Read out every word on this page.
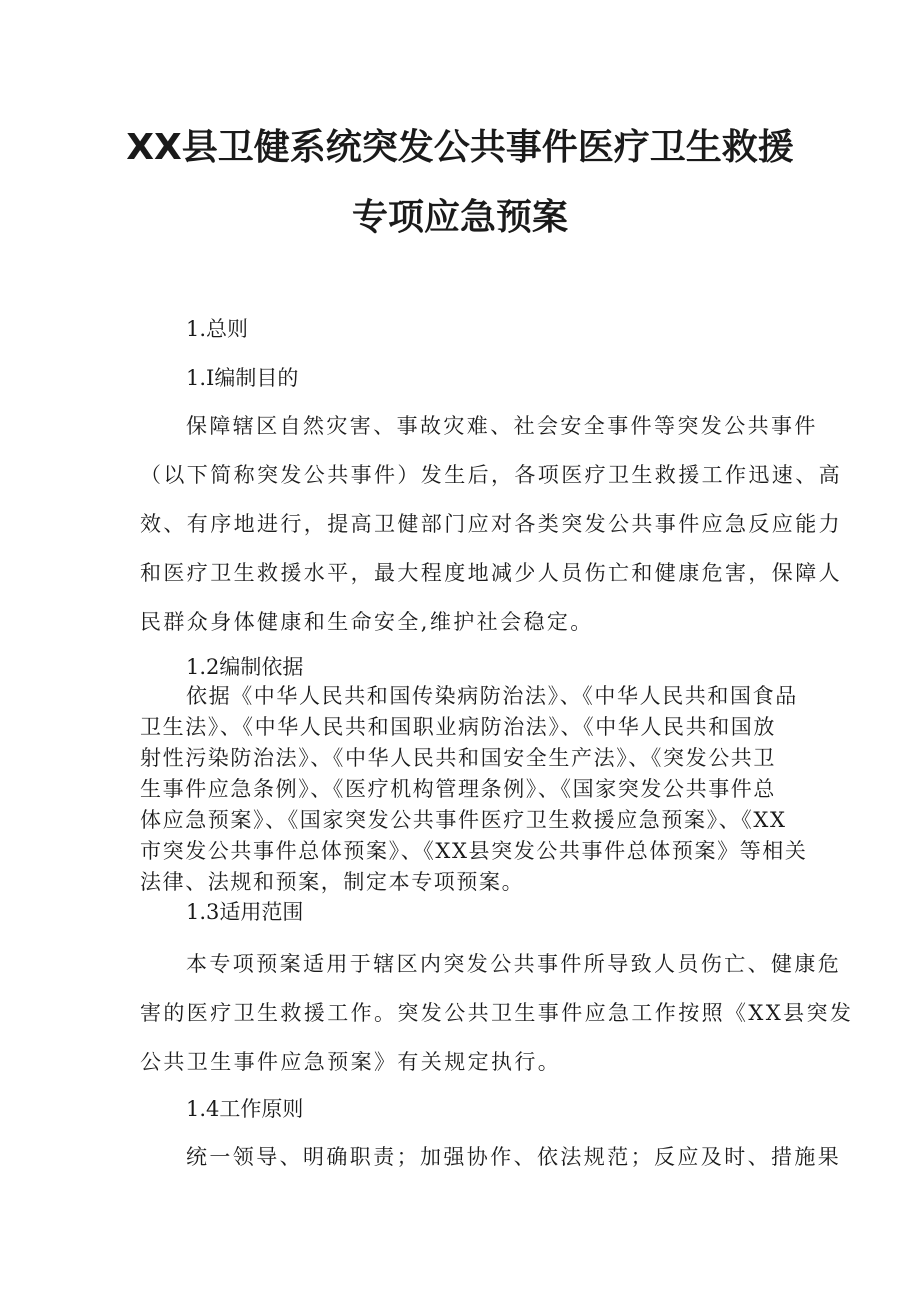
XX县卫健系统突发公共事件医疗卫生救援
专项应急预案
1.总则
1.I编制目的
保障辖区自然灾害、事故灾难、社会安全事件等突发公共事件
（以下简称突发公共事件）发生后，各项医疗卫生救援工作迅速、高
效、有序地进行，提高卫健部门应对各类突发公共事件应急反应能力
和医疗卫生救援水平，最大程度地减少人员伤亡和健康危害，保障人
民群众身体健康和生命安全,维护社会稳定。
1.2编制依据
依据《中华人民共和国传染病防治法》、《中华人民共和国食品
卫生法》、《中华人民共和国职业病防治法》、《中华人民共和国放
射性污染防治法》、《中华人民共和国安全生产法》、《突发公共卫
生事件应急条例》、《医疗机构管理条例》、《国家突发公共事件总
体应急预案》、《国家突发公共事件医疗卫生救援应急预案》、《XX
市突发公共事件总体预案》、《XX县突发公共事件总体预案》等相关
法律、法规和预案，制定本专项预案。
1.3适用范围
本专项预案适用于辖区内突发公共事件所导致人员伤亡、健康危
害的医疗卫生救援工作。突发公共卫生事件应急工作按照《XX县突发
公共卫生事件应急预案》有关规定执行。
1.4工作原则
统一领导、明确职责；加强协作、依法规范；反应及时、措施果
